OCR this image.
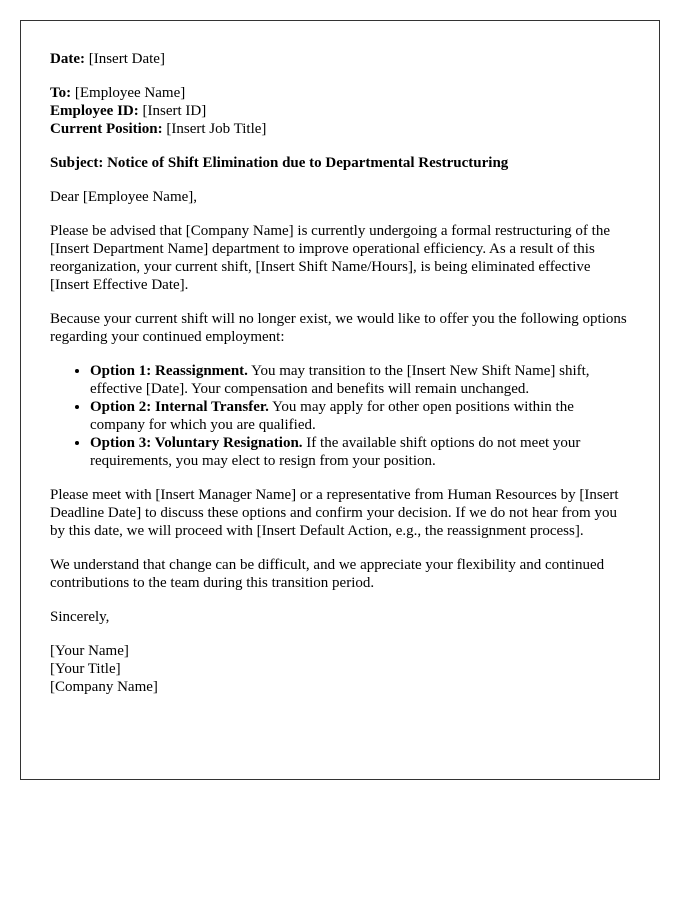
Date: [Insert Date]

To: [Employee Name]

Employee ID: [Insert ID]

Current Position: [Insert Job Title]

Subject: Notice of Shift Elimination due to Departmental Restructuring

Dear [Employee Name],

Please be advised that [Company Name] is currently undergoing a formal restructuring of the [Insert Department Name] department to improve operational efficiency. As a result of this reorganization, your current shift, [Insert Shift Name/Hours], is being eliminated effective [Insert Effective Date].

Because your current shift will no longer exist, we would like to offer you the following options regarding your continued employment:

• Option 1: Reassignment. You may transition to the [Insert New Shift Name] shift, effective [Date]. Your compensation and benefits will remain unchanged.
• Option 2: Internal Transfer. You may apply for other open positions within the company for which you are qualified.
• Option 3: Voluntary Resignation. If the available shift options do not meet your requirements, you may elect to resign from your position.

Please meet with [Insert Manager Name] or a representative from Human Resources by [Insert Deadline Date] to discuss these options and confirm your decision. If we do not hear from you by this date, we will proceed with [Insert Default Action, e.g., the reassignment process].

We understand that change can be difficult, and we appreciate your flexibility and continued contributions to the team during this transition period.

Sincerely,

[Your Name]
[Your Title]
[Company Name]
